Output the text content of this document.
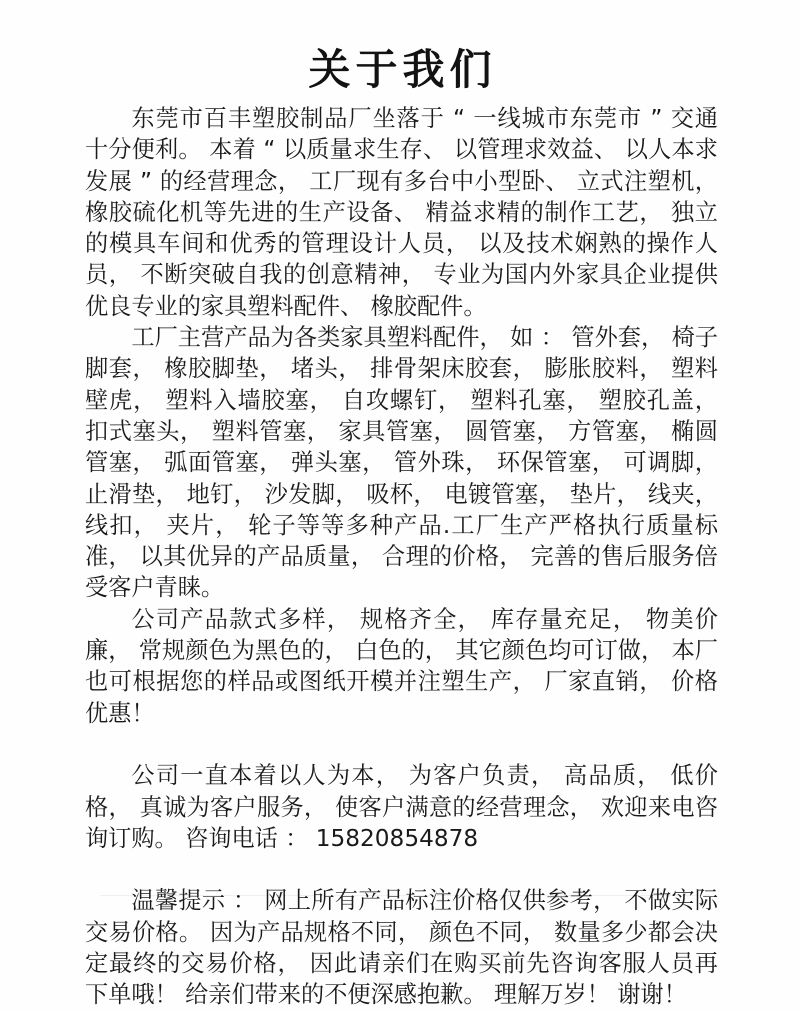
关于我们

东莞市百丰塑胶制品厂坐落于 “ 一线城市东莞市 ” 交通十分便利。 本着 “ 以质量求生存、 以管理求效益、 以人本求发展 ” 的经营理念， 工厂现有多台中小型卧、 立式注塑机， 橡胶硫化机等先进的生产设备、 精益求精的制作工艺， 独立的模具车间和优秀的管理设计人员， 以及技术娴熟的操作人员， 不断突破自我的创意精神， 专业为国内外家具企业提供优良专业的家具塑料配件、 橡胶配件。

工厂主营产品为各类家具塑料配件， 如 ： 管外套， 椅子脚套， 橡胶脚垫， 堵头， 排骨架床胶套， 膨胀胶料， 塑料壁虎， 塑料入墙胶塞， 自攻螺钉， 塑料孔塞， 塑胶孔盖， 扣式塞头， 塑料管塞， 家具管塞， 圆管塞， 方管塞， 椭圆管塞， 弧面管塞， 弹头塞， 管外珠， 环保管塞， 可调脚， 止滑垫， 地钉， 沙发脚， 吸杯， 电镀管塞， 垫片， 线夹， 线扣， 夹片， 轮子等等多种产品.工厂生产严格执行质量标准， 以其优异的产品质量， 合理的价格， 完善的售后服务倍受客户青睐。

公司产品款式多样， 规格齐全， 库存量充足， 物美价廉， 常规颜色为黑色的， 白色的， 其它颜色均可订做， 本厂也可根据您的样品或图纸开模并注塑生产， 厂家直销， 价格优惠！

公司一直本着以人为本， 为客户负责， 高品质， 低价格， 真诚为客户服务， 使客户满意的经营理念， 欢迎来电咨询订购。 咨询电话 ： 15820854878

温馨提示 ： 网上所有产品标注价格仅供参考， 不做实际交易价格。 因为产品规格不同， 颜色不同， 数量多少都会决定最终的交易价格， 因此请亲们在购买前先咨询客服人员再下单哦！ 给亲们带来的不便深感抱歉。 理解万岁！ 谢谢！
